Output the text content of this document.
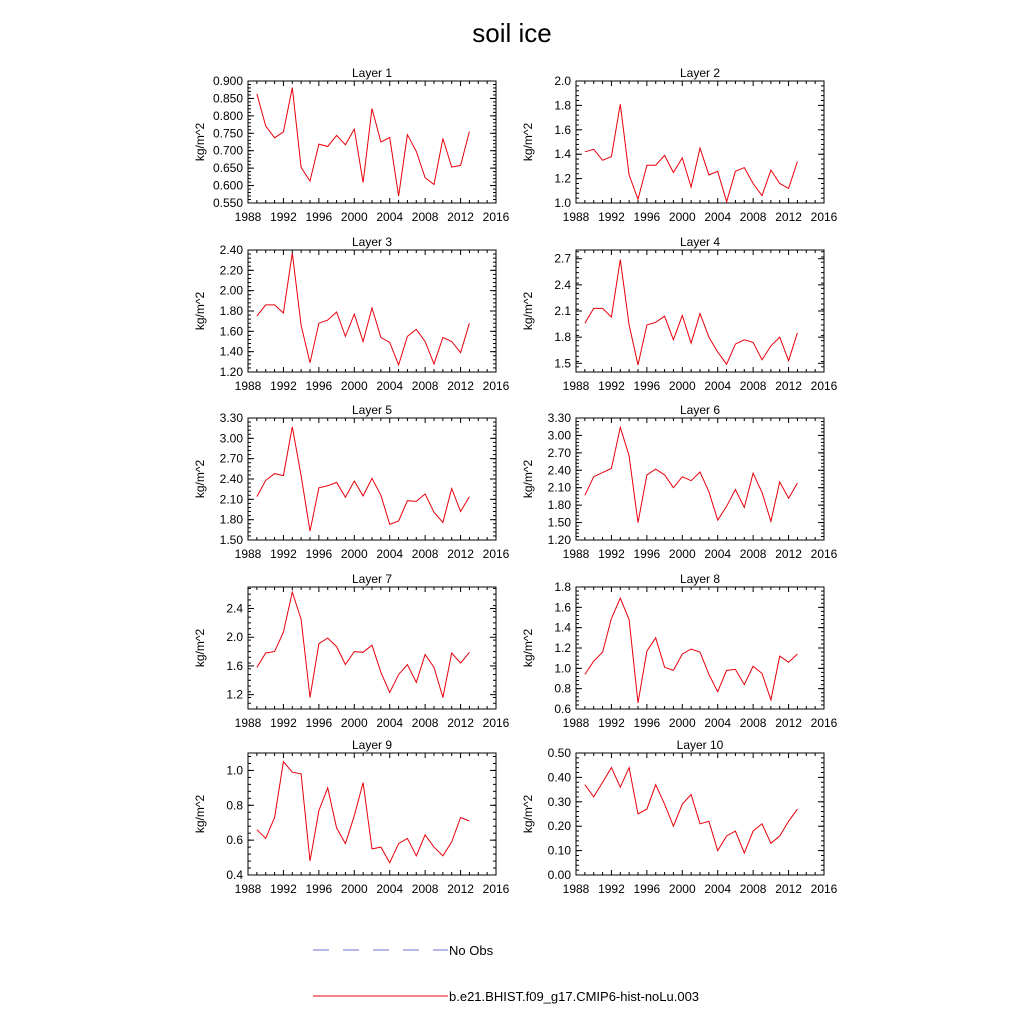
soil ice
Layer 1
kg/m^2
1988 1992 1996 2000 2004 2008 2012 2016
0.550
0.600
0.650
0.700
0.750
0.800
0.850
0.900
Layer 2
kg/m^2
1988 1992 1996 2000 2004 2008 2012 2016
1.0
1.2
1.4
1.6
1.8
2.0
Layer 3
kg/m^2
1988 1992 1996 2000 2004 2008 2012 2016
1.20
1.40
1.60
1.80
2.00
2.20
2.40
Layer 4
kg/m^2
1988 1992 1996 2000 2004 2008 2012 2016
1.5
1.8
2.1
2.4
2.7
Layer 5
kg/m^2
1988 1992 1996 2000 2004 2008 2012 2016
1.50
1.80
2.10
2.40
2.70
3.00
3.30
Layer 6
kg/m^2
1988 1992 1996 2000 2004 2008 2012 2016
1.20
1.50
1.80
2.10
2.40
2.70
3.00
3.30
Layer 7
kg/m^2
1988 1992 1996 2000 2004 2008 2012 2016
1.2
1.6
2.0
2.4
Layer 8
kg/m^2
1988 1992 1996 2000 2004 2008 2012 2016
0.6
0.8
1.0
1.2
1.4
1.6
1.8
Layer 9
kg/m^2
1988 1992 1996 2000 2004 2008 2012 2016
0.4
0.6
0.8
1.0
Layer 10
kg/m^2
1988 1992 1996 2000 2004 2008 2012 2016
0.00
0.10
0.20
0.30
0.40
0.50
No Obs
b.e21.BHIST.f09_g17.CMIP6-hist-noLu.003
